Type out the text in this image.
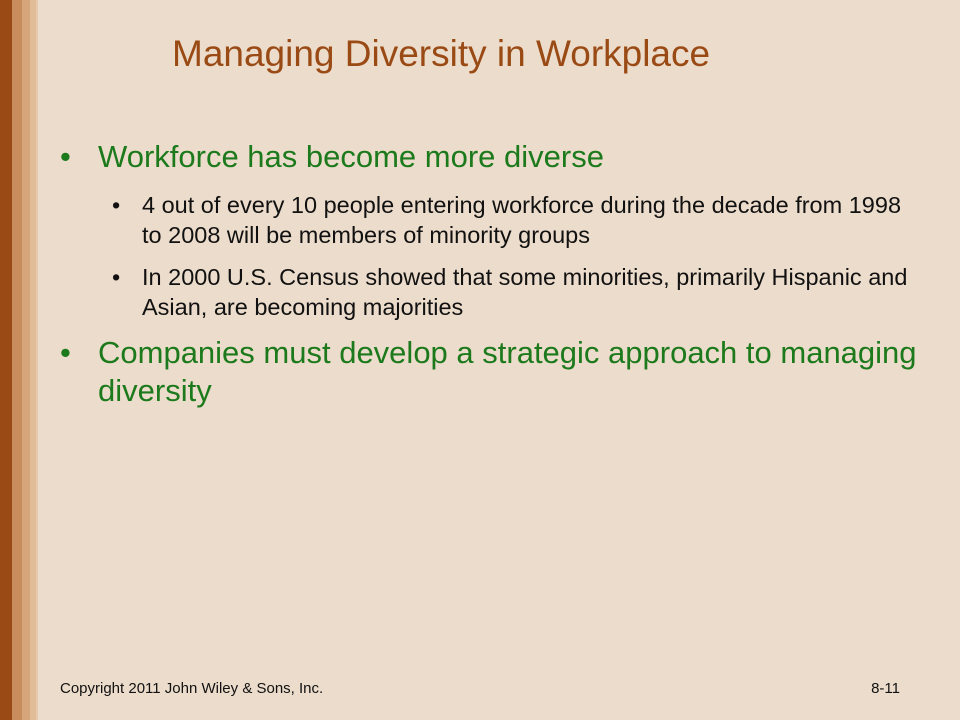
Managing Diversity in Workplace
• Workforce has become more diverse
• 4 out of every 10 people entering workforce during the decade from 1998 to 2008 will be members of minority groups
• In 2000 U.S. Census showed that some minorities, primarily Hispanic and Asian, are becoming majorities
• Companies must develop a strategic approach to managing diversity
Copyright 2011 John Wiley & Sons, Inc.	8-11
